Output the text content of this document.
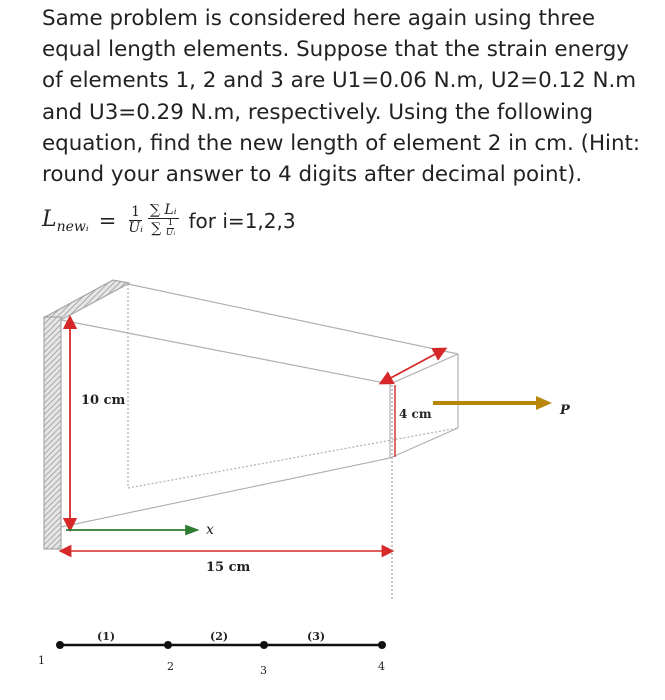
Same problem is considered here again using three equal length elements. Suppose that the strain energy of elements 1, 2 and 3 are U1=0.06 N.m, U2=0.12 N.m and U3=0.29 N.m, respectively. Using the following equation, find the new length of element 2 in cm. (Hint: round your answer to 4 digits after decimal point).

$L_{newᵢ} = \frac{1}{\text{Uᵢ}} \frac{\text{∑ Lᵢ}}{\sum \frac{1}{\text{Uᵢ}}}$ for i=1,2,3
x
P
10 cm
4 cm
15 cm
(1)	(2)	(3)
1	2	3	4
